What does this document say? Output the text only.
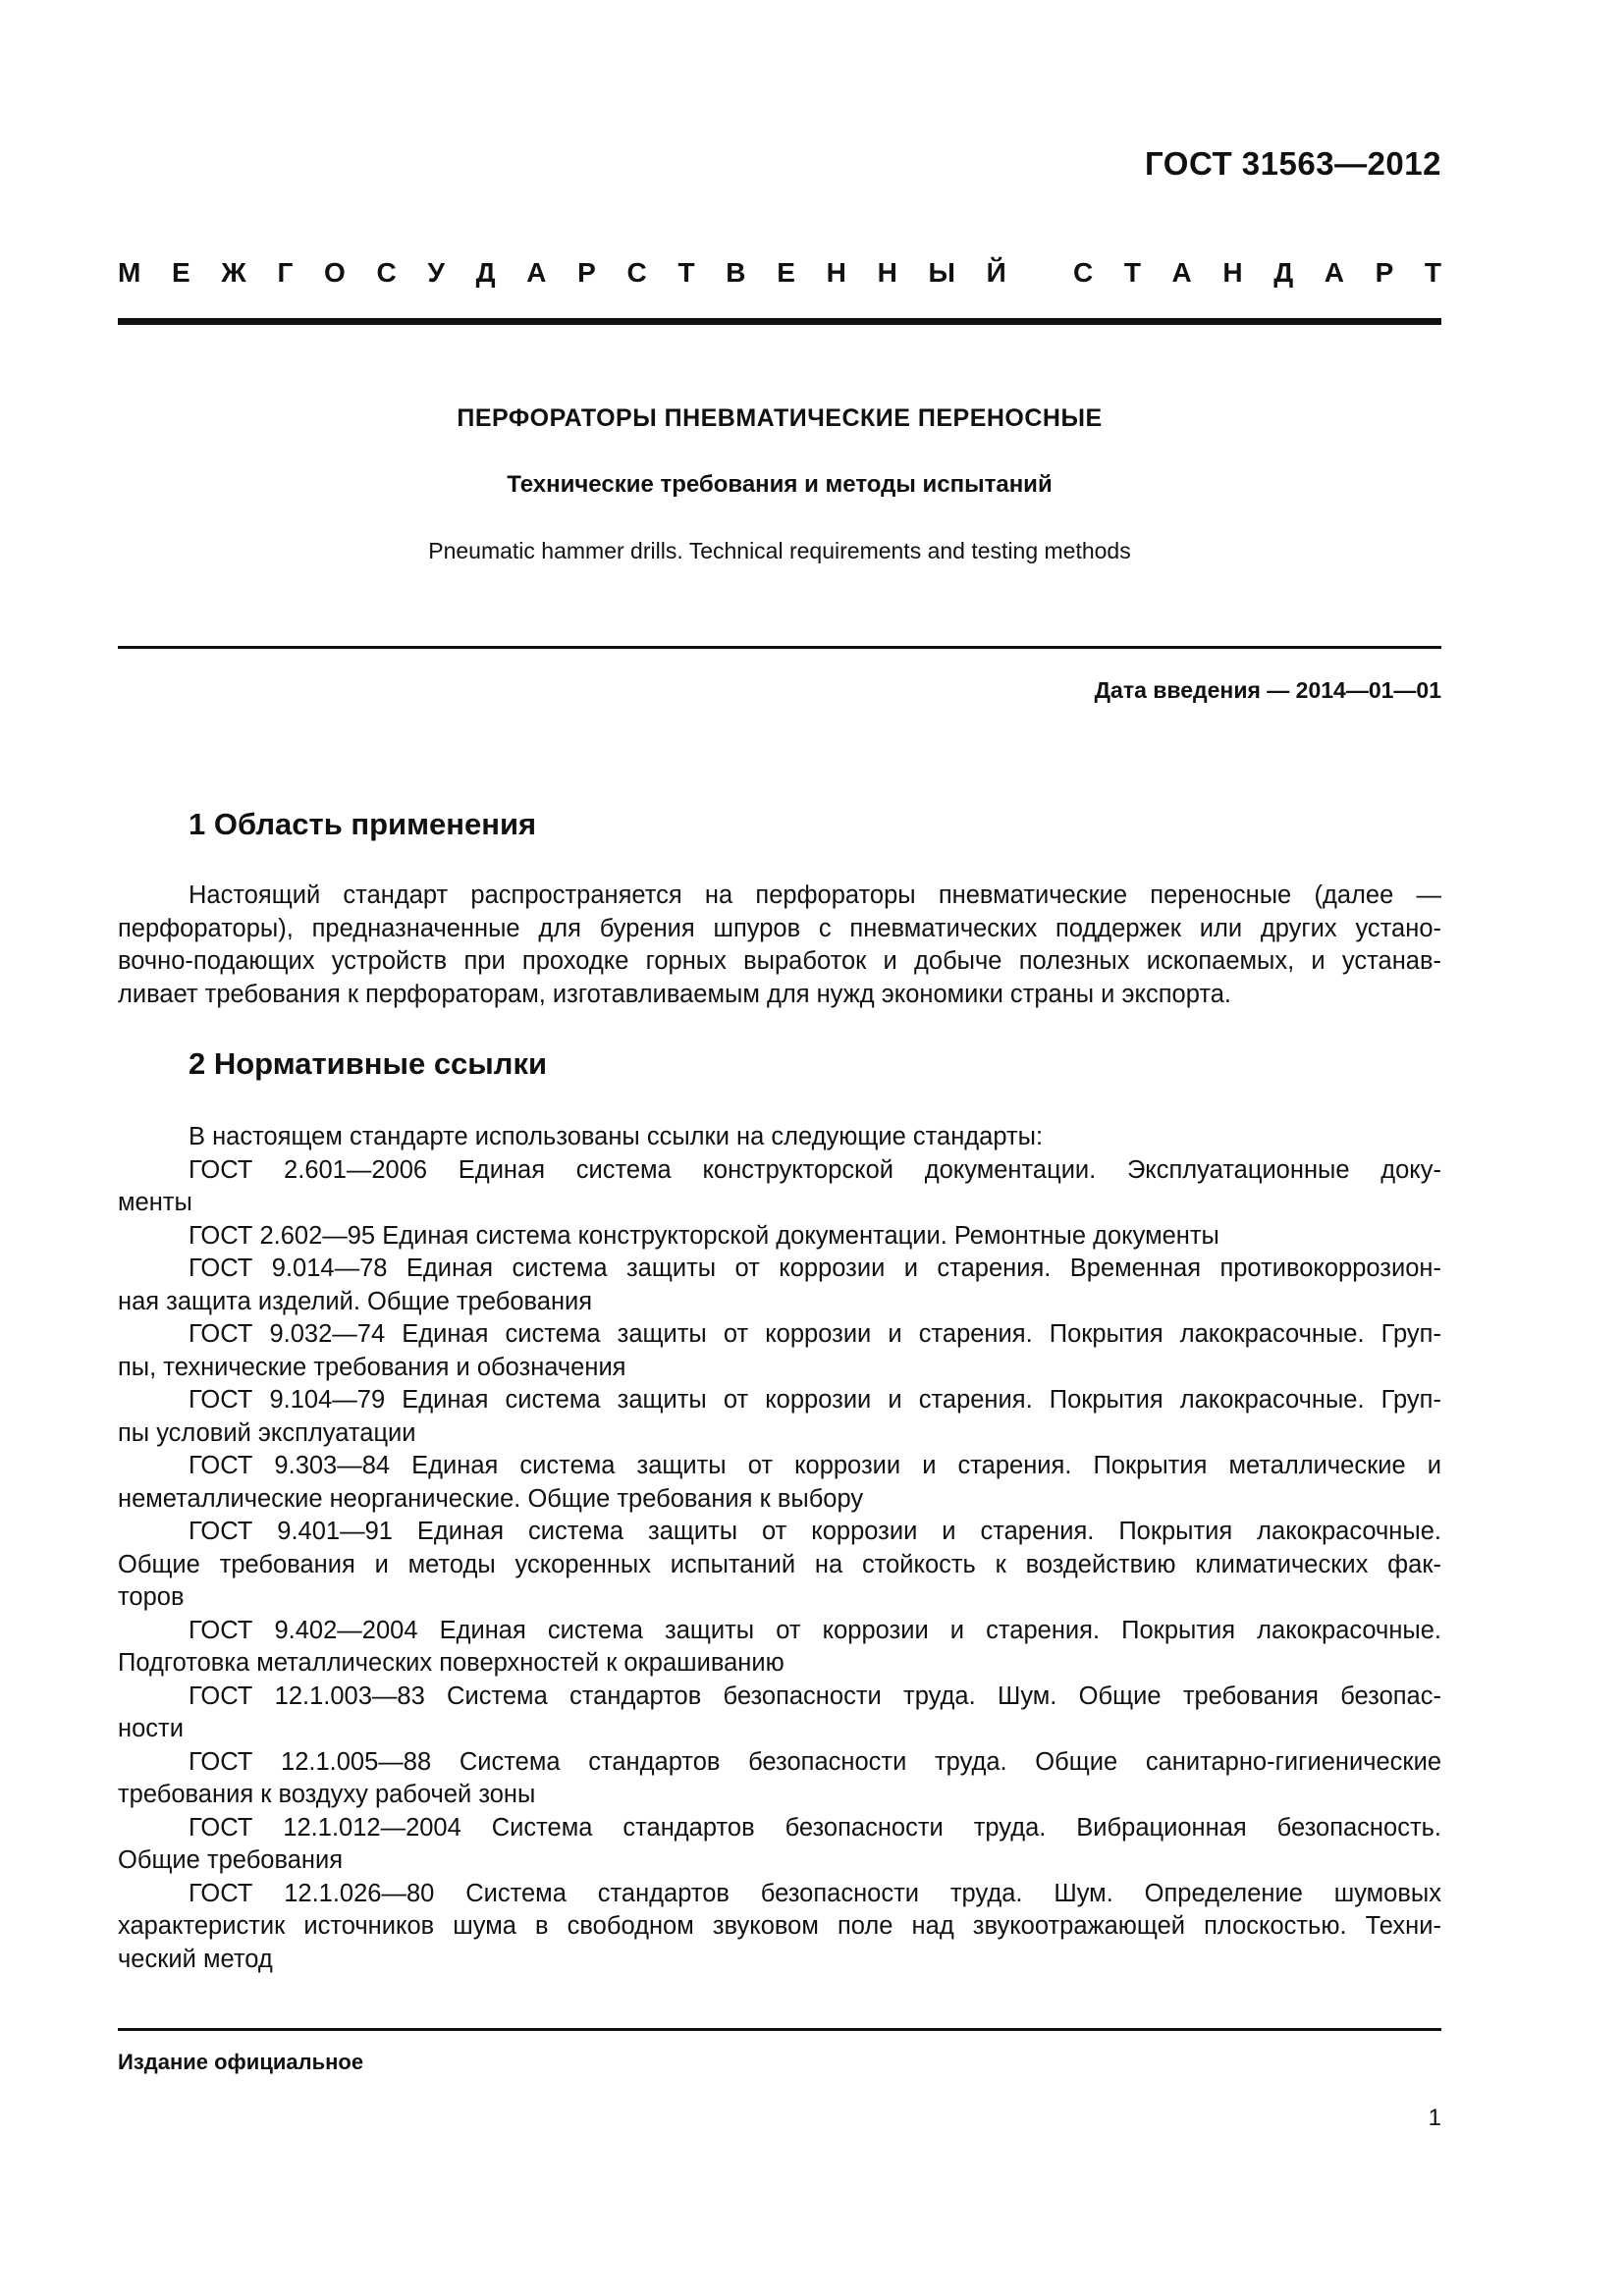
ГОСТ 31563—2012
М Е Ж Г О С У Д А Р С Т В Е Н Н Ы Й С Т А Н Д А Р Т
ПЕРФОРАТОРЫ ПНЕВМАТИЧЕСКИЕ ПЕРЕНОСНЫЕ
Технические требования и методы испытаний
Pneumatic hammer drills. Technical requirements and testing methods
Дата введения — 2014—01—01
1 Область применения
Настоящий стандарт распространяется на перфораторы пневматические переносные (далее —
перфораторы), предназначенные для бурения шпуров с пневматических поддержек или других устано-
вочно-подающих устройств при проходке горных выработок и добыче полезных ископаемых, и устанав-
ливает требования к перфораторам, изготавливаемым для нужд экономики страны и экспорта.
2 Нормативные ссылки
В настоящем стандарте использованы ссылки на следующие стандарты:
ГОСТ 2.601—2006 Единая система конструкторской документации. Эксплуатационные доку-
менты
ГОСТ 2.602—95 Единая система конструкторской документации. Ремонтные документы
ГОСТ 9.014—78 Единая система защиты от коррозии и старения. Временная противокоррозион-
ная защита изделий. Общие требования
ГОСТ 9.032—74 Единая система защиты от коррозии и старения. Покрытия лакокрасочные. Груп-
пы, технические требования и обозначения
ГОСТ 9.104—79 Единая система защиты от коррозии и старения. Покрытия лакокрасочные. Груп-
пы условий эксплуатации
ГОСТ 9.303—84 Единая система защиты от коррозии и старения. Покрытия металлические и
неметаллические неорганические. Общие требования к выбору
ГОСТ 9.401—91 Единая система защиты от коррозии и старения. Покрытия лакокрасочные.
Общие требования и методы ускоренных испытаний на стойкость к воздействию климатических фак-
торов
ГОСТ 9.402—2004 Единая система защиты от коррозии и старения. Покрытия лакокрасочные.
Подготовка металлических поверхностей к окрашиванию
ГОСТ 12.1.003—83 Система стандартов безопасности труда. Шум. Общие требования безопас-
ности
ГОСТ 12.1.005—88 Система стандартов безопасности труда. Общие санитарно-гигиенические
требования к воздуху рабочей зоны
ГОСТ 12.1.012—2004 Система стандартов безопасности труда. Вибрационная безопасность.
Общие требования
ГОСТ 12.1.026—80 Система стандартов безопасности труда. Шум. Определение шумовых
характеристик источников шума в свободном звуковом поле над звукоотражающей плоскостью. Техни-
ческий метод
Издание официальное
1
